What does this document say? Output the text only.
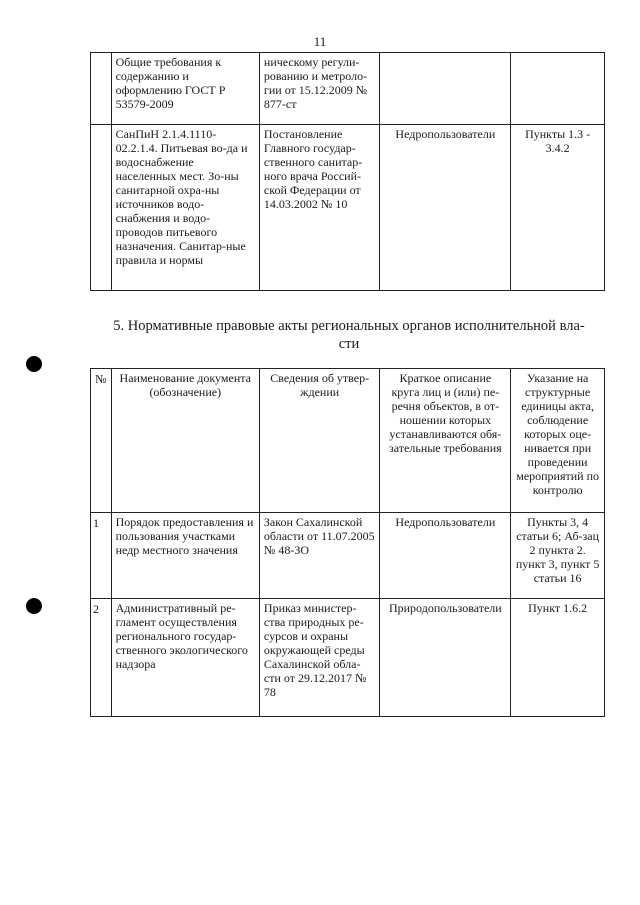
11
	Общие требования к содержанию и оформлению ГОСТ Р 53579-2009	ническому регули-рованию и метроло-гии от 15.12.2009 № 877-ст		
	СанПиН 2.1.4.1110-02.2.1.4. Питьевая во-да и водоснабжение населенных мест. Зо-ны санитарной охра-ны источников водо-снабжения и водо-проводов питьевого назначения. Санитар-ные правила и нормы	Постановление Главного государ-ственного санитар-ного врача Россий-ской Федерации от 14.03.2002 № 10	Недропользователи	Пункты 1.3 - 3.4.2
5. Нормативные правовые акты региональных органов исполнительной вла-сти
№	Наименование документа (обозначение)	Сведения об утвер-ждении	Краткое описание круга лиц и (или) пе-речня объектов, в от-ношении которых устанавливаются обя-зательные требования	Указание на структурные единицы акта, соблюдение которых оце-нивается при проведении мероприятий по контролю
1	Порядок предоставления и пользования участками недр местного значения	Закон Сахалинской области от 11.07.2005 № 48-ЗО	Недропользователи	Пункты 3, 4 статьи 6; Аб-зац 2 пункта 2. пункт 3, пункт 5 статьи 16
2	Административный ре-гламент осуществления регионального государ-ственного экологического надзора	Приказ министер-ства природных ре-сурсов и охраны окружающей среды Сахалинской обла-сти от 29.12.2017 № 78	Природопользователи	Пункт 1.6.2
